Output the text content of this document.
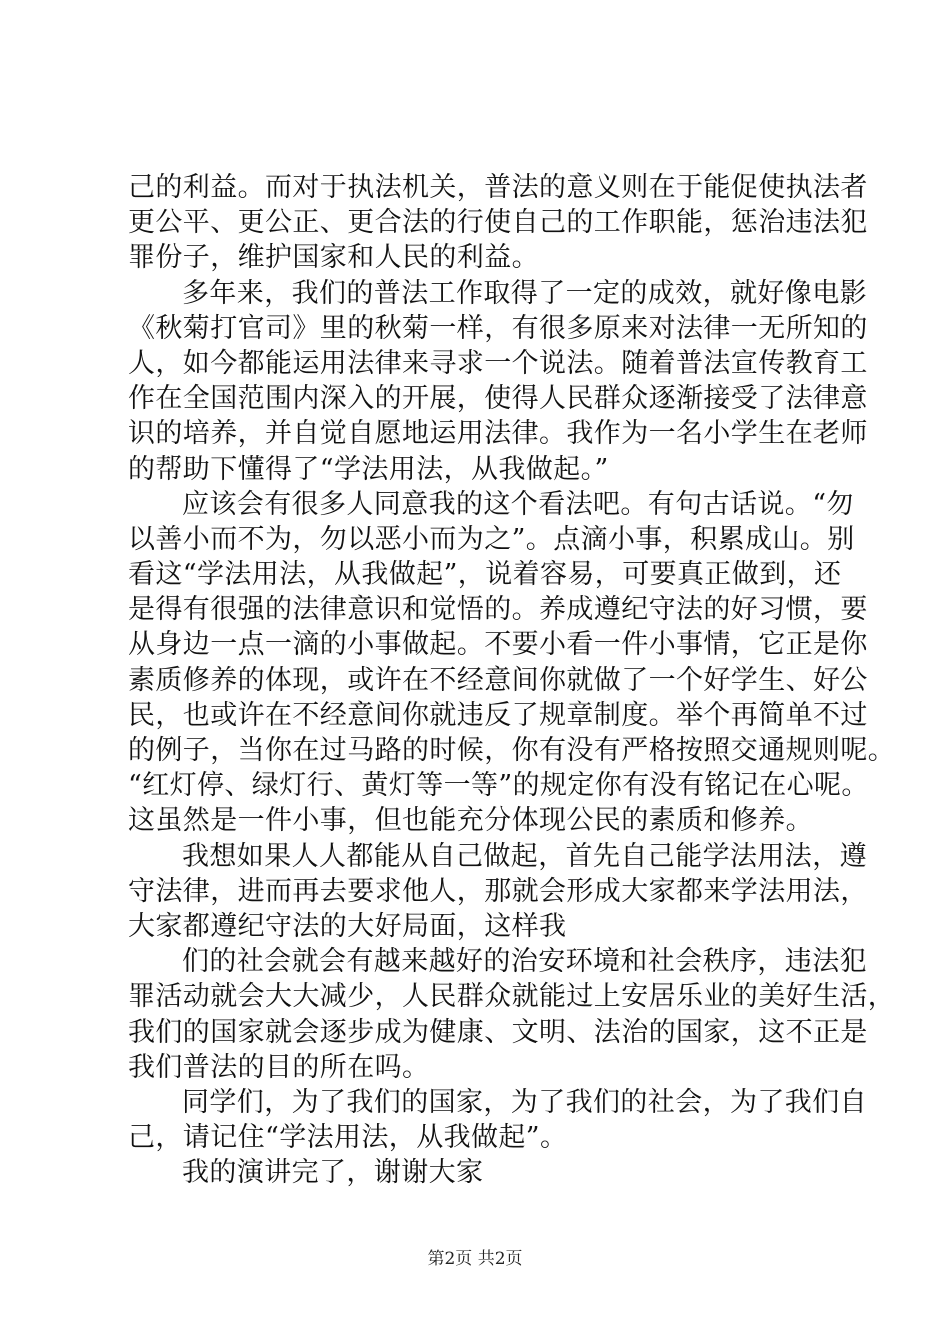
己的利益。而对于执法机关，普法的意义则在于能促使执法者
更公平、更公正、更合法的行使自己的工作职能，惩治违法犯
罪份子，维护国家和人民的利益。
多年来，我们的普法工作取得了一定的成效，就好像电影
《秋菊打官司》里的秋菊一样，有很多原来对法律一无所知的
人，如今都能运用法律来寻求一个说法。随着普法宣传教育工
作在全国范围内深入的开展，使得人民群众逐渐接受了法律意
识的培养，并自觉自愿地运用法律。我作为一名小学生在老师
的帮助下懂得了“学法用法，从我做起。”
应该会有很多人同意我的这个看法吧。有句古话说。“勿
以善小而不为，勿以恶小而为之”。点滴小事，积累成山。别
看这“学法用法，从我做起”，说着容易，可要真正做到，还
是得有很强的法律意识和觉悟的。养成遵纪守法的好习惯，要
从身边一点一滴的小事做起。不要小看一件小事情，它正是你
素质修养的体现，或许在不经意间你就做了一个好学生、好公
民，也或许在不经意间你就违反了规章制度。举个再简单不过
的例子，当你在过马路的时候，你有没有严格按照交通规则呢。
“红灯停、绿灯行、黄灯等一等”的规定你有没有铭记在心呢。
这虽然是一件小事，但也能充分体现公民的素质和修养。
我想如果人人都能从自己做起，首先自己能学法用法，遵
守法律，进而再去要求他人，那就会形成大家都来学法用法，
大家都遵纪守法的大好局面，这样我
们的社会就会有越来越好的治安环境和社会秩序，违法犯
罪活动就会大大减少，人民群众就能过上安居乐业的美好生活，
我们的国家就会逐步成为健康、文明、法治的国家，这不正是
我们普法的目的所在吗。
同学们，为了我们的国家，为了我们的社会，为了我们自
己，请记住“学法用法，从我做起”。
我的演讲完了，谢谢大家
第2页 共2页
